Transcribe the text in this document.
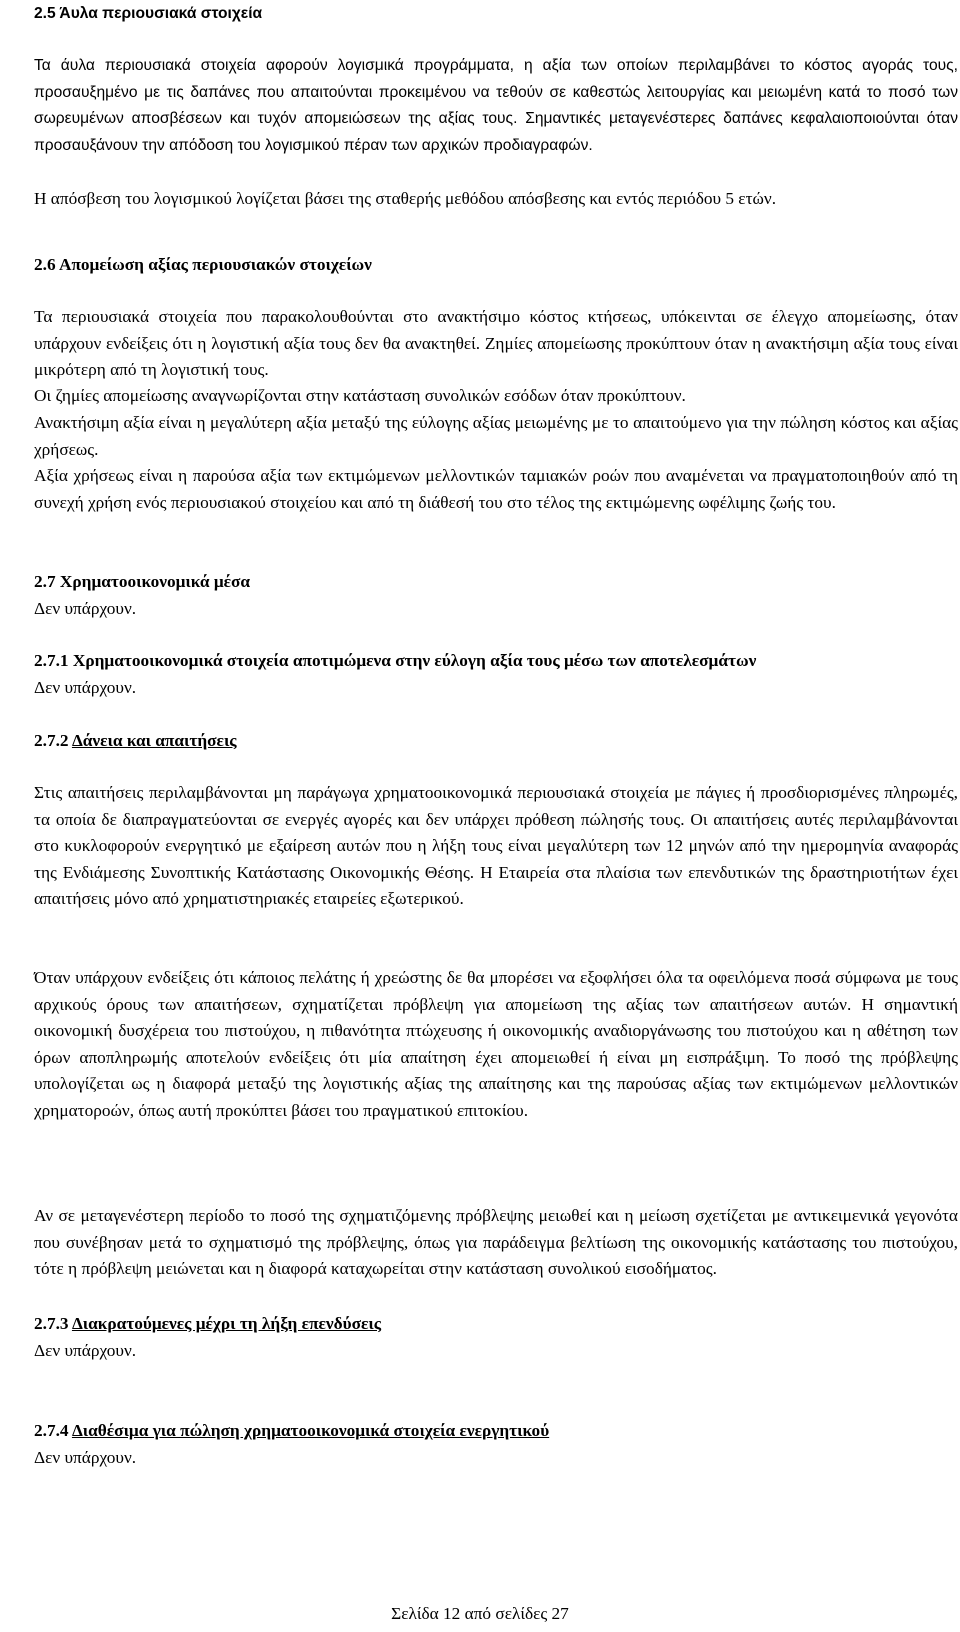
2.5 Άυλα περιουσιακά στοιχεία

Τα άυλα περιουσιακά στοιχεία αφορούν λογισμικά προγράμματα, η αξία των οποίων περιλαμβάνει το κόστος αγοράς τους, προσαυξημένο με τις δαπάνες που απαιτούνται προκειμένου να τεθούν σε καθεστώς λειτουργίας και μειωμένη κατά το ποσό των σωρευμένων αποσβέσεων και τυχόν απομειώσεων της αξίας τους. Σημαντικές μεταγενέστερες δαπάνες κεφαλαιοποιούνται όταν προσαυξάνουν την απόδοση του λογισμικού πέραν των αρχικών προδιαγραφών.

Η απόσβεση του λογισμικού λογίζεται βάσει της σταθερής μεθόδου απόσβεσης και εντός περιόδου 5 ετών.

2.6 Απομείωση αξίας περιουσιακών στοιχείων

Τα περιουσιακά στοιχεία που παρακολουθούνται στο ανακτήσιμο κόστος κτήσεως, υπόκεινται σε έλεγχο απομείωσης, όταν υπάρχουν ενδείξεις ότι η λογιστική αξία τους δεν θα ανακτηθεί. Ζημίες απομείωσης προκύπτουν όταν η ανακτήσιμη αξία τους είναι μικρότερη από τη λογιστική τους.

Οι ζημίες απομείωσης αναγνωρίζονται στην κατάσταση συνολικών εσόδων όταν προκύπτουν.

Ανακτήσιμη αξία είναι η μεγαλύτερη αξία μεταξύ της εύλογης αξίας μειωμένης με το απαιτούμενο για την πώληση κόστος και αξίας χρήσεως.

Αξία χρήσεως είναι η παρούσα αξία των εκτιμώμενων μελλοντικών ταμιακών ροών που αναμένεται να πραγματοποιηθούν από τη συνεχή χρήση ενός περιουσιακού στοιχείου και από τη διάθεσή του στο τέλος της εκτιμώμενης ωφέλιμης ζωής του.

2.7 Χρηματοοικονομικά μέσα

Δεν υπάρχουν.

2.7.1 Χρηματοοικονομικά στοιχεία αποτιμώμενα στην εύλογη αξία τους μέσω των αποτελεσμάτων

Δεν υπάρχουν.

2.7.2 Δάνεια και απαιτήσεις

Στις απαιτήσεις περιλαμβάνονται μη παράγωγα χρηματοοικονομικά περιουσιακά στοιχεία με πάγιες ή προσδιορισμένες πληρωμές, τα οποία δε διαπραγματεύονται σε ενεργές αγορές και δεν υπάρχει πρόθεση πώλησής τους. Οι απαιτήσεις αυτές περιλαμβάνονται στο κυκλοφορούν ενεργητικό με εξαίρεση αυτών που η λήξη τους είναι μεγαλύτερη των 12 μηνών από την ημερομηνία αναφοράς της Ενδιάμεσης Συνοπτικής Κατάστασης Οικονομικής Θέσης. Η Εταιρεία στα πλαίσια των επενδυτικών της δραστηριοτήτων έχει απαιτήσεις μόνο από χρηματιστηριακές εταιρείες εξωτερικού.

Όταν υπάρχουν ενδείξεις ότι κάποιος πελάτης ή χρεώστης δε θα μπορέσει να εξοφλήσει όλα τα οφειλόμενα ποσά σύμφωνα με τους αρχικούς όρους των απαιτήσεων, σχηματίζεται πρόβλεψη για απομείωση της αξίας των απαιτήσεων αυτών. Η σημαντική οικονομική δυσχέρεια του πιστούχου, η πιθανότητα πτώχευσης ή οικονομικής αναδιοργάνωσης του πιστούχου και η αθέτηση των όρων αποπληρωμής αποτελούν ενδείξεις ότι μία απαίτηση έχει απομειωθεί ή είναι μη εισπράξιμη. Το ποσό της πρόβλεψης υπολογίζεται ως η διαφορά μεταξύ της λογιστικής αξίας της απαίτησης και της παρούσας αξίας των εκτιμώμενων μελλοντικών χρηματοροών, όπως αυτή προκύπτει βάσει του πραγματικού επιτοκίου.

Αν σε μεταγενέστερη περίοδο το ποσό της σχηματιζόμενης πρόβλεψης μειωθεί και η μείωση σχετίζεται με αντικειμενικά γεγονότα που συνέβησαν μετά το σχηματισμό της πρόβλεψης, όπως για παράδειγμα βελτίωση της οικονομικής κατάστασης του πιστούχου, τότε η πρόβλεψη μειώνεται και η διαφορά καταχωρείται στην κατάσταση συνολικού εισοδήματος.

2.7.3 Διακρατούμενες μέχρι τη λήξη επενδύσεις

Δεν υπάρχουν.

2.7.4 Διαθέσιμα για πώληση χρηματοοικονομικά στοιχεία ενεργητικού

Δεν υπάρχουν.

Σελίδα 12 από σελίδες 27
